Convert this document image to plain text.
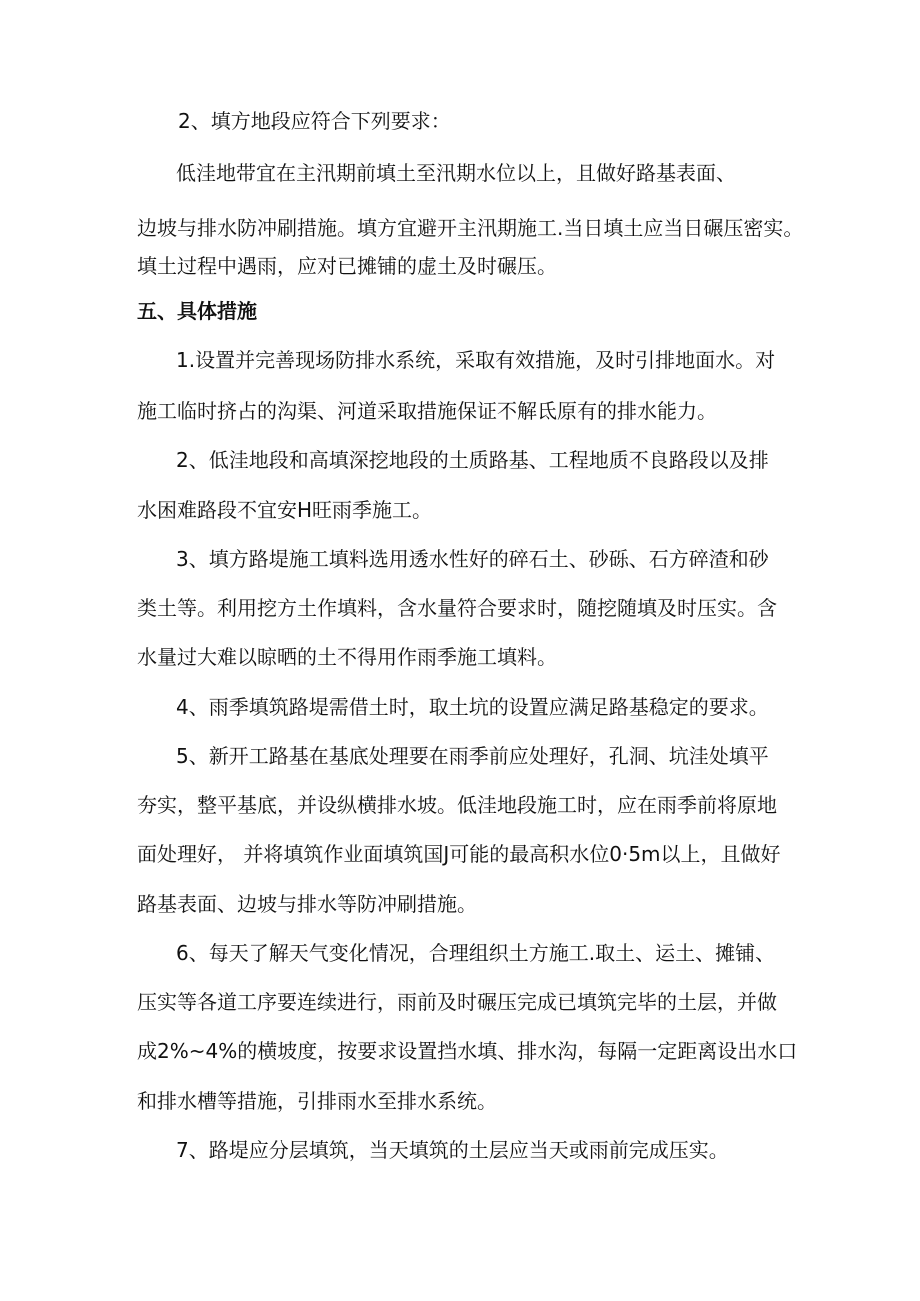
2、填方地段应符合下列要求：
低洼地带宜在主汛期前填土至汛期水位以上，且做好路基表面、
边坡与排水防冲刷措施。填方宜避开主汛期施工.当日填土应当日碾压密实。
填土过程中遇雨，应对已摊铺的虚土及时碾压。
五、具体措施
1.设置并完善现场防排水系统，采取有效措施，及时引排地面水。对
施工临时挤占的沟渠、河道采取措施保证不解氐原有的排水能力。
2、低洼地段和高填深挖地段的土质路基、工程地质不良路段以及排
水困难路段不宜安H旺雨季施工。
3、填方路堤施工填料选用透水性好的碎石土、砂砾、石方碎渣和砂
类土等。利用挖方土作填料，含水量符合要求时，随挖随填及时压实。含
水量过大难以晾晒的土不得用作雨季施工填料。
4、雨季填筑路堤需借土时，取土坑的设置应满足路基稳定的要求。
5、新开工路基在基底处理要在雨季前应处理好，孔洞、坑洼处填平
夯实，整平基底，并设纵横排水坡。低洼地段施工时，应在雨季前将原地
面处理好， 并将填筑作业面填筑国J可能的最高积水位0·5m以上，且做好
路基表面、边坡与排水等防冲刷措施。
6、每天了解天气变化情况，合理组织土方施工.取土、运土、摊铺、
压实等各道工序要连续进行，雨前及时碾压完成已填筑完毕的土层，并做
成2%~4%的横坡度，按要求设置挡水填、排水沟，每隔一定距离设出水口
和排水槽等措施，引排雨水至排水系统。
7、路堤应分层填筑，当天填筑的土层应当天或雨前完成压实。
